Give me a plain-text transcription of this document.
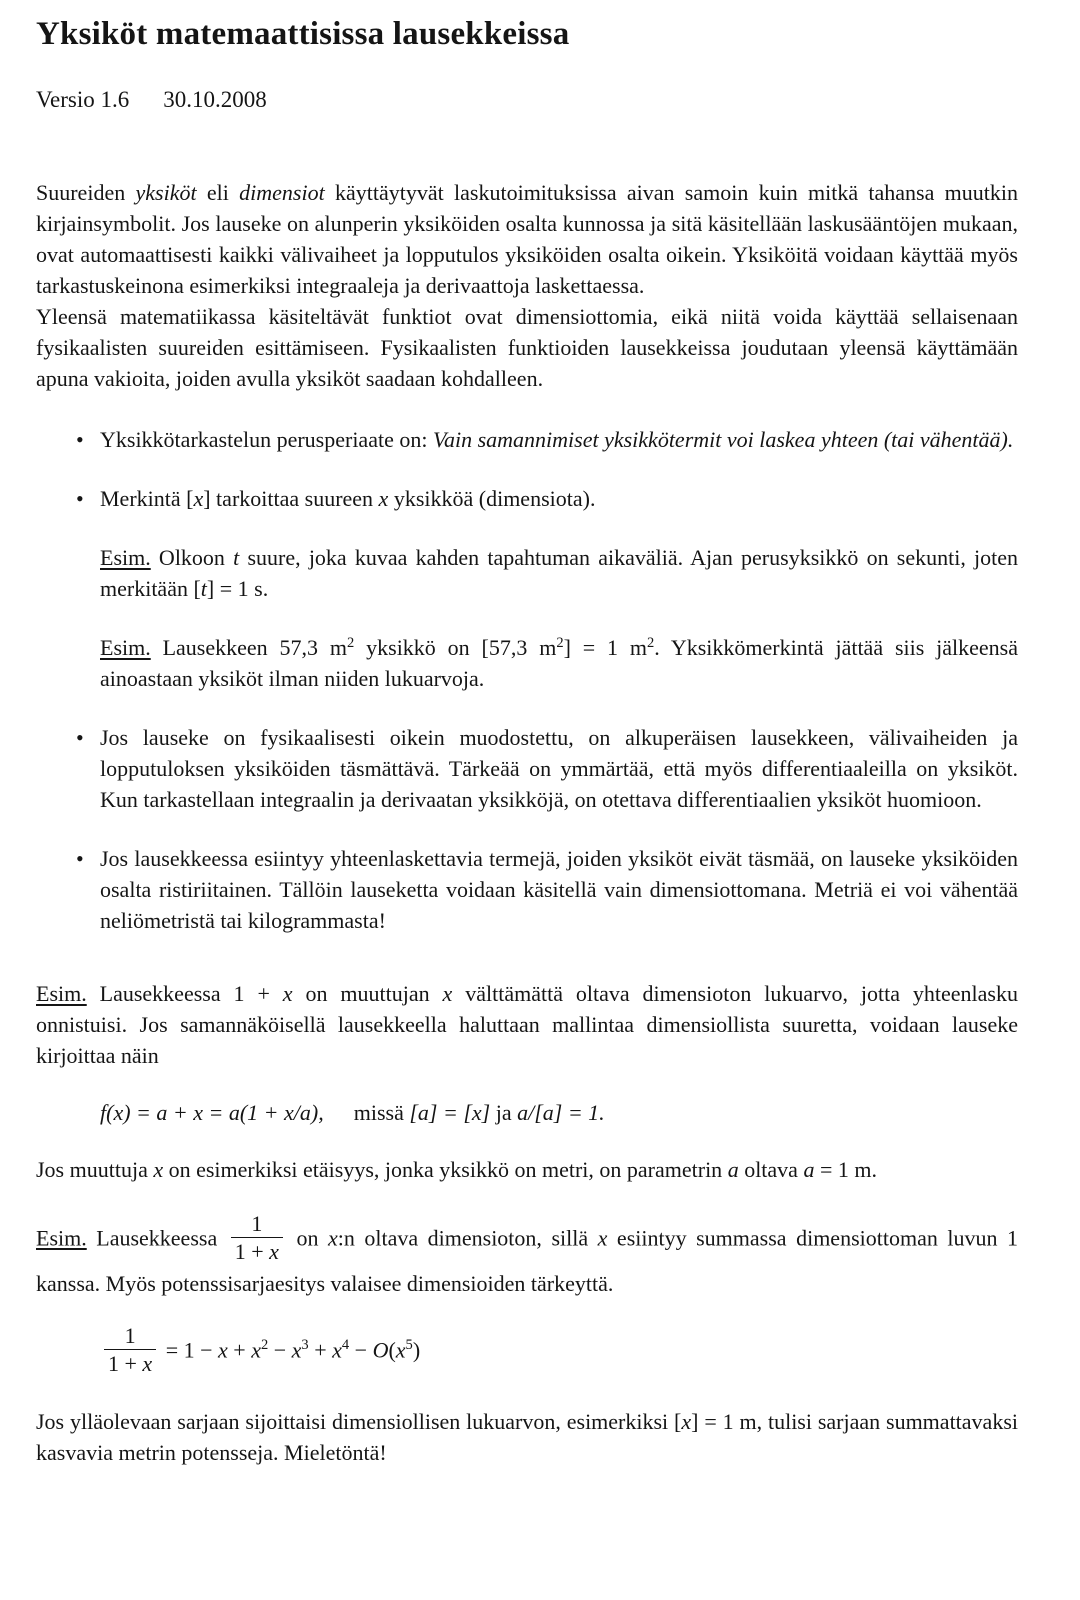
Yksiköt matemaattisissa lausekkeissa
Versio 1.6 30.10.2008

Suureiden yksiköt eli dimensiot käyttäytyvät laskutoimituksissa aivan samoin kuin mitkä tahansa muutkin kirjainsymbolit. Jos lauseke on alunperin yksiköiden osalta kunnossa ja sitä käsitellään laskusääntöjen mukaan, ovat automaattisesti kaikki välivaiheet ja lopputulos yksiköiden osalta oikein. Yksiköitä voidaan käyttää myös tarkastuskeinona esimerkiksi integraaleja ja derivaattoja laskettaessa.

Yleensä matematiikassa käsiteltävät funktiot ovat dimensiottomia, eikä niitä voida käyttää sellaisenaan fysikaalisten suureiden esittämiseen. Fysikaalisten funktioiden lausekkeissa joudutaan yleensä käyttämään apuna vakioita, joiden avulla yksiköt saadaan kohdalleen.

• Yksikkötarkastelun perusperiaate on: Vain samannimiset yksikkötermit voi laskea yhteen (tai vähentää).
• Merkintä [x] tarkoittaa suureen x yksikköä (dimensiota).
Esim. Olkoon t suure, joka kuvaa kahden tapahtuman aikaväliä. Ajan perusyksikkö on sekunti, joten merkitään [t] = 1 s.
Esim. Lausekkeen 57,3 $m^2$ yksikkö on [57,3 $m^2] = 1$ $m^2$. Yksikkömerkintä jättää siis jälkeensä ainoastaan yksiköt ilman niiden lukuarvoja.
• Jos lauseke on fysikaalisesti oikein muodostettu, on alkuperäisen lausekkeen, välivaiheiden ja lopputuloksen yksiköiden täsmättävä. Tärkeää on ymmärtää, että myös differentiaaleilla on yksiköt. Kun tarkastellaan integraalin ja derivaatan yksikköjä, on otettava differentiaalien yksiköt huomioon.
• Jos lausekkeessa esiintyy yhteenlaskettavia termejä, joiden yksiköt eivät täsmää, on lauseke yksiköiden osalta ristiriitainen. Tällöin lauseketta voidaan käsitellä vain dimensiottomana. Metriä ei voi vähentää neliömetristä tai kilogrammasta!
Esim. Lausekkeessa 1 + x on muuttujan x välttämättä oltava dimensioton lukuarvo, jotta yhteenlasku onnistuisi. Jos samannäköisellä lausekkeella haluttaan mallintaa dimensiollista suuretta, voidaan lauseke kirjoittaa näin
f(x) = a + x = a(1 + x/a), missä [a] = [x] ja a/[a] = 1.

Jos muuttuja x on esimerkiksi etäisyys, jonka yksikkö on metri, on parametrin a oltava a = 1 m.

Esim. Lausekkeessa $\frac{1}{1 + x}$ on x:n oltava dimensioton, sillä x esiintyy summassa dimensiottoman luvun 1 kanssa. Myös potenssisarjaesitys valaisee dimensioiden tärkeyttä.
$\frac{1}{1 + x} = 1 - x + x^2 - x^3 + x^4 - O(x^5)$

Jos ylläolevaan sarjaan sijoittaisi dimensiollisen lukuarvon, esimerkiksi [x] = 1 m, tulisi sarjaan summattavaksi kasvavia metrin potensseja. Mieletöntä!
